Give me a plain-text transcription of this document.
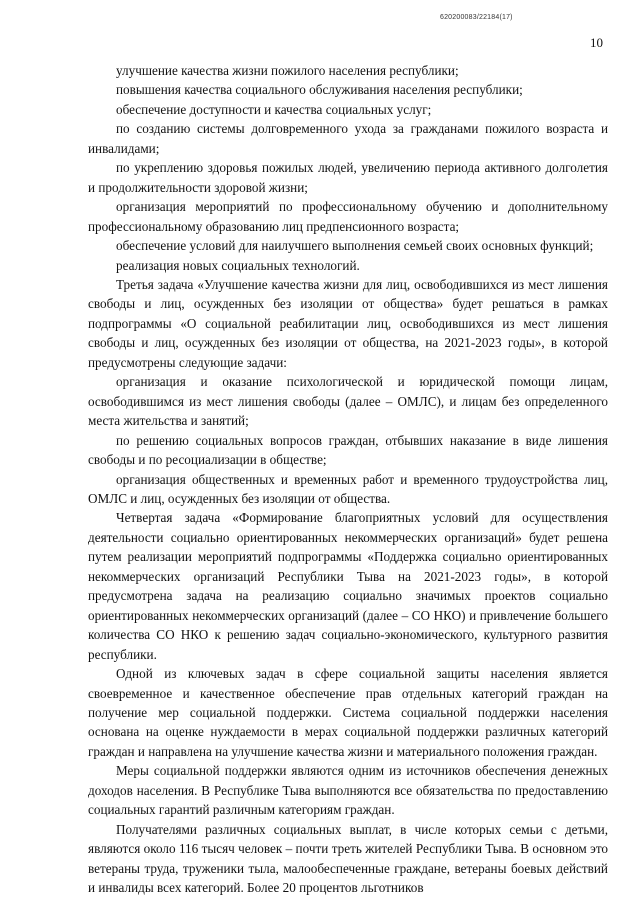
620200083/22184(17)
10

улучшение качества жизни пожилого населения республики;

повышения качества социального обслуживания населения республики;

обеспечение доступности и качества социальных услуг;

по созданию системы долговременного ухода за гражданами пожилого возраста и инвалидами;

по укреплению здоровья пожилых людей, увеличению периода активного долголетия и продолжительности здоровой жизни;

организация мероприятий по профессиональному обучению и дополнительному профессиональному образованию лиц предпенсионного возраста;

обеспечение условий для наилучшего выполнения семьей своих основных функций;

реализация новых социальных технологий.

Третья задача «Улучшение качества жизни для лиц, освободившихся из мест лишения свободы и лиц, осужденных без изоляции от общества» будет решаться в рамках подпрограммы «О социальной реабилитации лиц, освободившихся из мест лишения свободы и лиц, осужденных без изоляции от общества, на 2021-2023 годы», в которой предусмотрены следующие задачи:

организация и оказание психологической и юридической помощи лицам, освободившимся из мест лишения свободы (далее – ОМЛС), и лицам без определенного места жительства и занятий;

по решению социальных вопросов граждан, отбывших наказание в виде лишения свободы и по ресоциализации в обществе;

организация общественных и временных работ и временного трудоустройства лиц, ОМЛС и лиц, осужденных без изоляции от общества.

Четвертая задача «Формирование благоприятных условий для осуществления деятельности социально ориентированных некоммерческих организаций» будет решена путем реализации мероприятий подпрограммы «Поддержка социально ориентированных некоммерческих организаций Республики Тыва на 2021-2023 годы», в которой предусмотрена задача на реализацию социально значимых проектов социально ориентированных некоммерческих организаций (далее – СО НКО) и привлечение большего количества СО НКО к решению задач социально-экономического, культурного развития республики.

Одной из ключевых задач в сфере социальной защиты населения является своевременное и качественное обеспечение прав отдельных категорий граждан на получение мер социальной поддержки. Система социальной поддержки населения основана на оценке нуждаемости в мерах социальной поддержки различных категорий граждан и направлена на улучшение качества жизни и материального положения граждан.

Меры социальной поддержки являются одним из источников обеспечения денежных доходов населения. В Республике Тыва выполняются все обязательства по предоставлению социальных гарантий различным категориям граждан.

Получателями различных социальных выплат, в числе которых семьи с детьми, являются около 116 тысяч человек – почти треть жителей Республики Тыва. В основном это ветераны труда, труженики тыла, малообеспеченные граждане, ветераны боевых действий и инвалиды всех категорий. Более 20 процентов льготников
